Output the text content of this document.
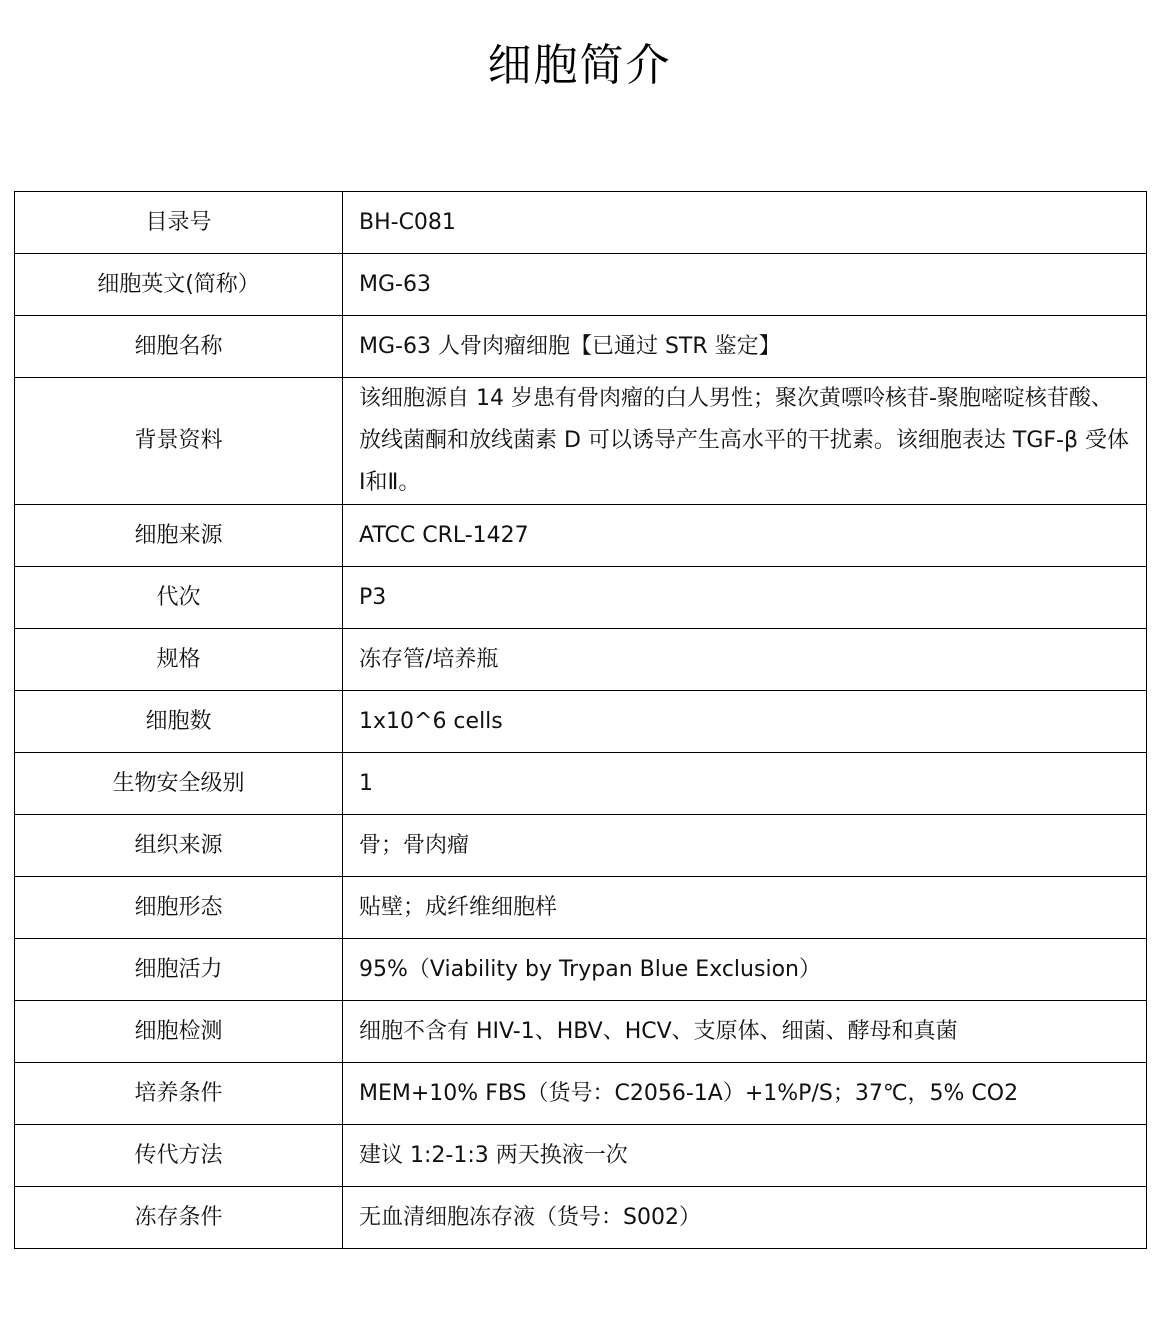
细胞简介
目录号	BH-C081
细胞英文(简称）	MG-63
细胞名称	MG-63 人骨肉瘤细胞【已通过 STR 鉴定】
背景资料	该细胞源自 14 岁患有骨肉瘤的白人男性；聚次黄嘌呤核苷-聚胞嘧啶核苷酸、放线菌酮和放线菌素 D 可以诱导产生高水平的干扰素。该细胞表达 TGF-β 受体Ⅰ和Ⅱ。
细胞来源	ATCC CRL-1427
代次	P3
规格	冻存管/培养瓶
细胞数	1x10^6 cells
生物安全级别	1
组织来源	骨；骨肉瘤
细胞形态	贴壁；成纤维细胞样
细胞活力	95%（Viability by Trypan Blue Exclusion）
细胞检测	细胞不含有 HIV-1、HBV、HCV、支原体、细菌、酵母和真菌
培养条件	MEM+10% FBS（货号：C2056-1A）+1%P/S；37℃，5% CO2
传代方法	建议 1:2-1:3 两天换液一次
冻存条件	无血清细胞冻存液（货号：S002）
